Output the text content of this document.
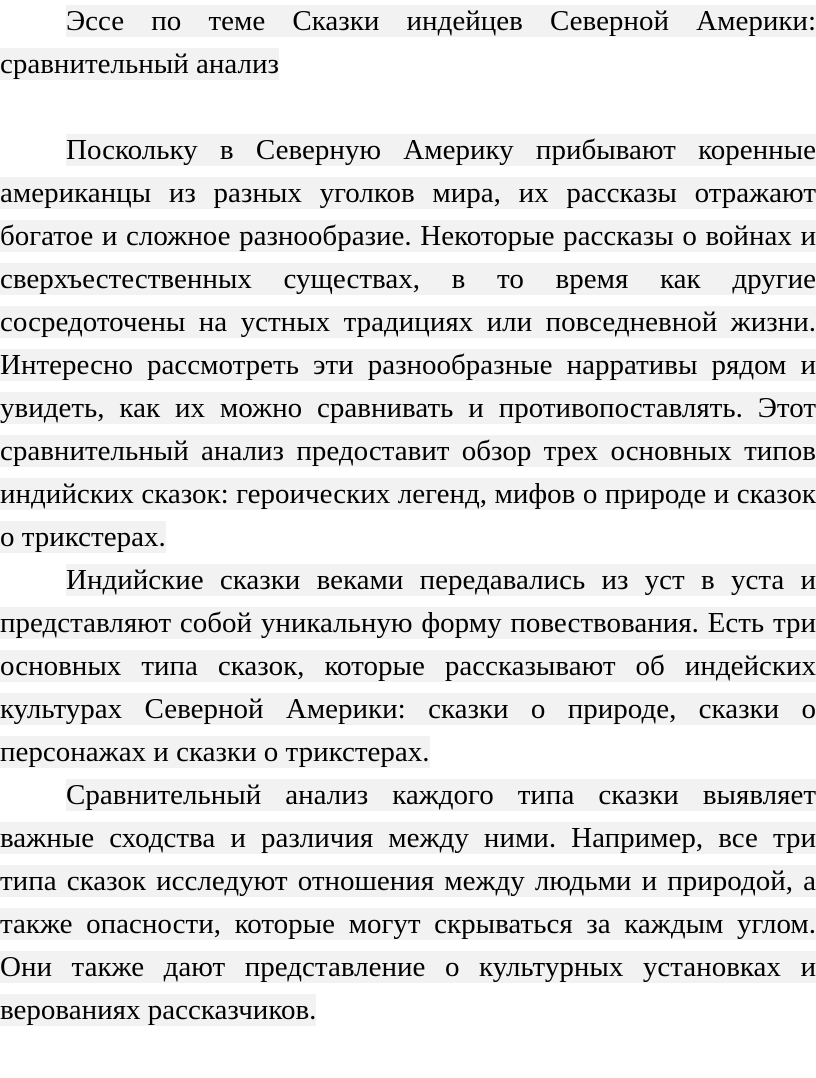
Эссе по теме Сказки индейцев Северной Америки: сравнительный анализ

Поскольку в Северную Америку прибывают коренные американцы из разных уголков мира, их рассказы отражают богатое и сложное разнообразие. Некоторые рассказы о войнах и сверхъестественных существах, в то время как другие сосредоточены на устных традициях или повседневной жизни. Интересно рассмотреть эти разнообразные нарративы рядом и увидеть, как их можно сравнивать и противопоставлять. Этот сравнительный анализ предоставит обзор трех основных типов индийских сказок: героических легенд, мифов о природе и сказок о трикстерах.

Индийские сказки веками передавались из уст в уста и представляют собой уникальную форму повествования. Есть три основных типа сказок, которые рассказывают об индейских культурах Северной Америки: сказки о природе, сказки о персонажах и сказки о трикстерах.

Сравнительный анализ каждого типа сказки выявляет важные сходства и различия между ними. Например, все три типа сказок исследуют отношения между людьми и природой, а также опасности, которые могут скрываться за каждым углом. Они также дают представление о культурных установках и верованиях рассказчиков.
